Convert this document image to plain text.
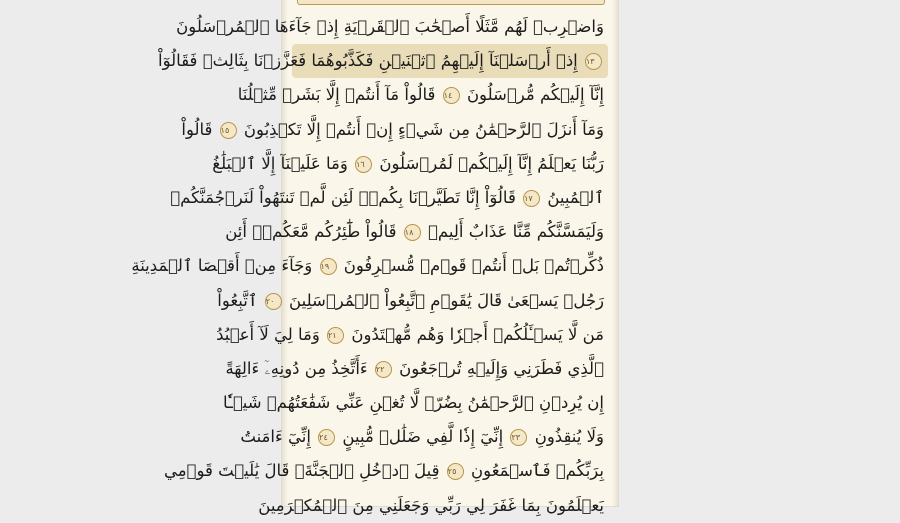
وَاضۡرِبۡ لَهُم مَّثَلًا أَصۡحَٰبَ ٱلۡقَرۡيَةِ إِذۡ جَآءَهَا ٱلۡمُرۡسَلُونَ
١٣ إِذۡ أَرۡسَلۡنَآ إِلَيۡهِمُ ٱثۡنَيۡنِ فَكَذَّبُوهُمَا فَعَزَّزۡنَا بِثَالِثٖ فَقَالُوٓاْ
إِنَّآ إِلَيۡكُم مُّرۡسَلُونَ ١٤ قَالُواْ مَآ أَنتُمۡ إِلَّا بَشَرٞ مِّثۡلُنَا
وَمَآ أَنزَلَ ٱلرَّحۡمَٰنُ مِن شَيۡءٍ إِنۡ أَنتُمۡ إِلَّا تَكۡذِبُونَ ١٥ قَالُواْ
رَبُّنَا يَعۡلَمُ إِنَّآ إِلَيۡكُمۡ لَمُرۡسَلُونَ ١٦ وَمَا عَلَيۡنَآ إِلَّا ٱلۡبَلَٰغُ
ٱلۡمُبِينُ ١٧ قَالُوٓاْ إِنَّا تَطَيَّرۡنَا بِكُمۡۖ لَئِن لَّمۡ تَنتَهُواْ لَنَرۡجُمَنَّكُمۡ
وَلَيَمَسَّنَّكُم مِّنَّا عَذَابٌ أَلِيمٞ ١٨ قَالُواْ طَٰٓئِرُكُم مَّعَكُمۡۚ أَئِن
ذُكِّرۡتُمۚ بَلۡ أَنتُمۡ قَوۡمٞ مُّسۡرِفُونَ ١٩ وَجَآءَ مِنۡ أَقۡصَا ٱلۡمَدِينَةِ
رَجُلٞ يَسۡعَىٰ قَالَ يَٰقَوۡمِ ٱتَّبِعُواْ ٱلۡمُرۡسَلِينَ ٢٠ ٱتَّبِعُواْ
مَن لَّا يَسۡـَٔلُكُمۡ أَجۡرٗا وَهُم مُّهۡتَدُونَ ٢١ وَمَا لِيَ لَآ أَعۡبُدُ
ٱلَّذِي فَطَرَنِي وَإِلَيۡهِ تُرۡجَعُونَ ٢٢ ءَأَتَّخِذُ مِن دُونِهِۦٓ ءَالِهَةً
إِن يُرِدۡنِ ٱلرَّحۡمَٰنُ بِضُرّٖ لَّا تُغۡنِ عَنِّي شَفَٰعَتُهُمۡ شَيۡـٔٗا
وَلَا يُنقِذُونِ ٢٣ إِنِّيٓ إِذٗا لَّفِي ضَلَٰلٖ مُّبِينٍ ٢٤ إِنِّيٓ ءَامَنتُ
بِرَبِّكُمۡ فَٱسۡمَعُونِ ٢٥ قِيلَ ٱدۡخُلِ ٱلۡجَنَّةَۖ قَالَ يَٰلَيۡتَ قَوۡمِي
يَعۡلَمُونَ بِمَا غَفَرَ لِي رَبِّي وَجَعَلَنِي مِنَ ٱلۡمُكۡرَمِينَ
